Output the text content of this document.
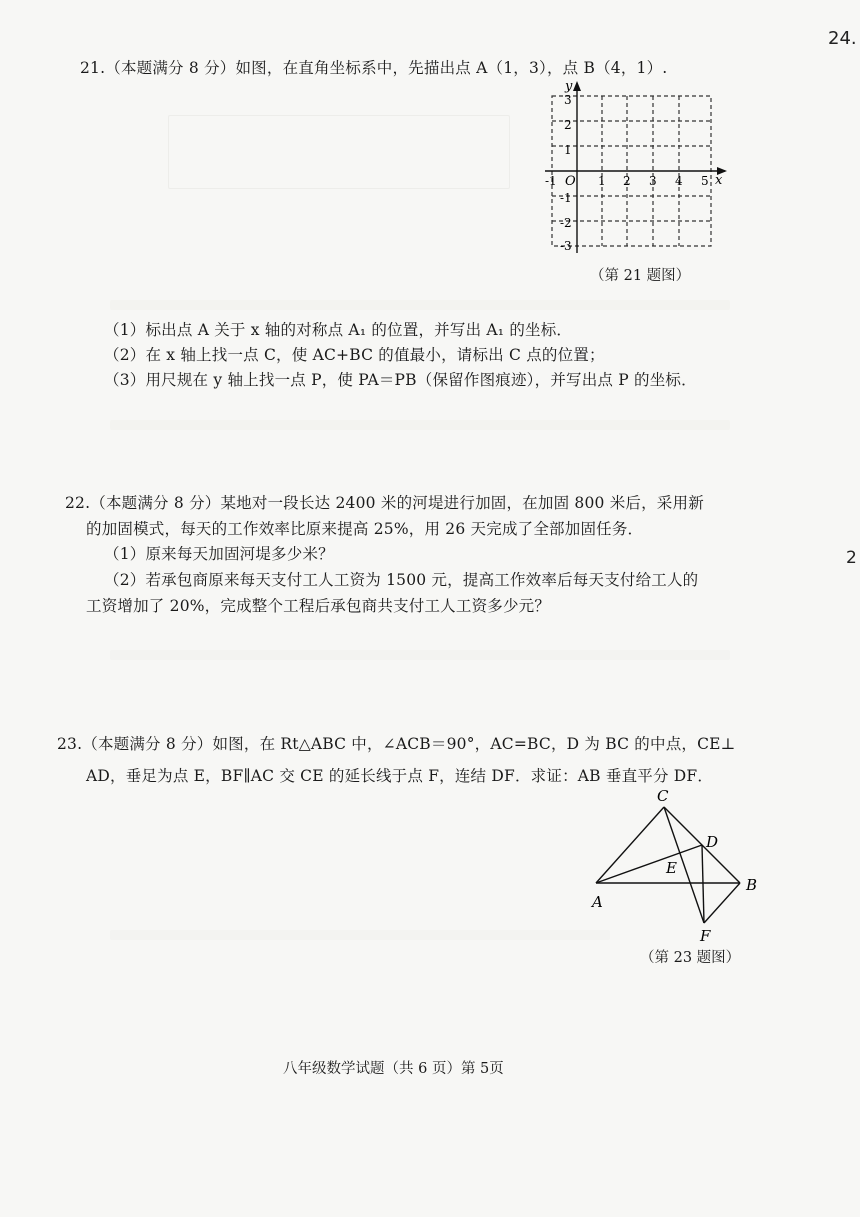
24.
2
21.（本题满分 8 分）如图，在直角坐标系中，先描出点 A（1，3），点 B（4，1）.
x
y
O
-1	1 2 3 4 5
3
2
1
-1
-2
-3
（第 21 题图）
（1）标出点 A 关于 x 轴的对称点 A₁ 的位置，并写出 A₁ 的坐标．
（2）在 x 轴上找一点 C，使 AC+BC 的值最小，请标出 C 点的位置；
（3）用尺规在 y 轴上找一点 P，使 PA＝PB（保留作图痕迹），并写出点 P 的坐标．
22.（本题满分 8 分）某地对一段长达 2400 米的河堤进行加固，在加固 800 米后，采用新
的加固模式，每天的工作效率比原来提高 25%，用 26 天完成了全部加固任务．
（1）原来每天加固河堤多少米？
（2）若承包商原来每天支付工人工资为 1500 元，提高工作效率后每天支付给工人的
工资增加了 20%，完成整个工程后承包商共支付工人工资多少元？
23.（本题满分 8 分）如图，在 Rt△ABC 中，∠ACB＝90°，AC=BC，D 为 BC 的中点，CE⊥
AD，垂足为点 E，BF∥AC 交 CE 的延长线于点 F，连结 DF．求证：AB 垂直平分 DF．
C
D
E
B
A
F
（第 23 题图）
八年级数学试题（共 6 页）第 5页
